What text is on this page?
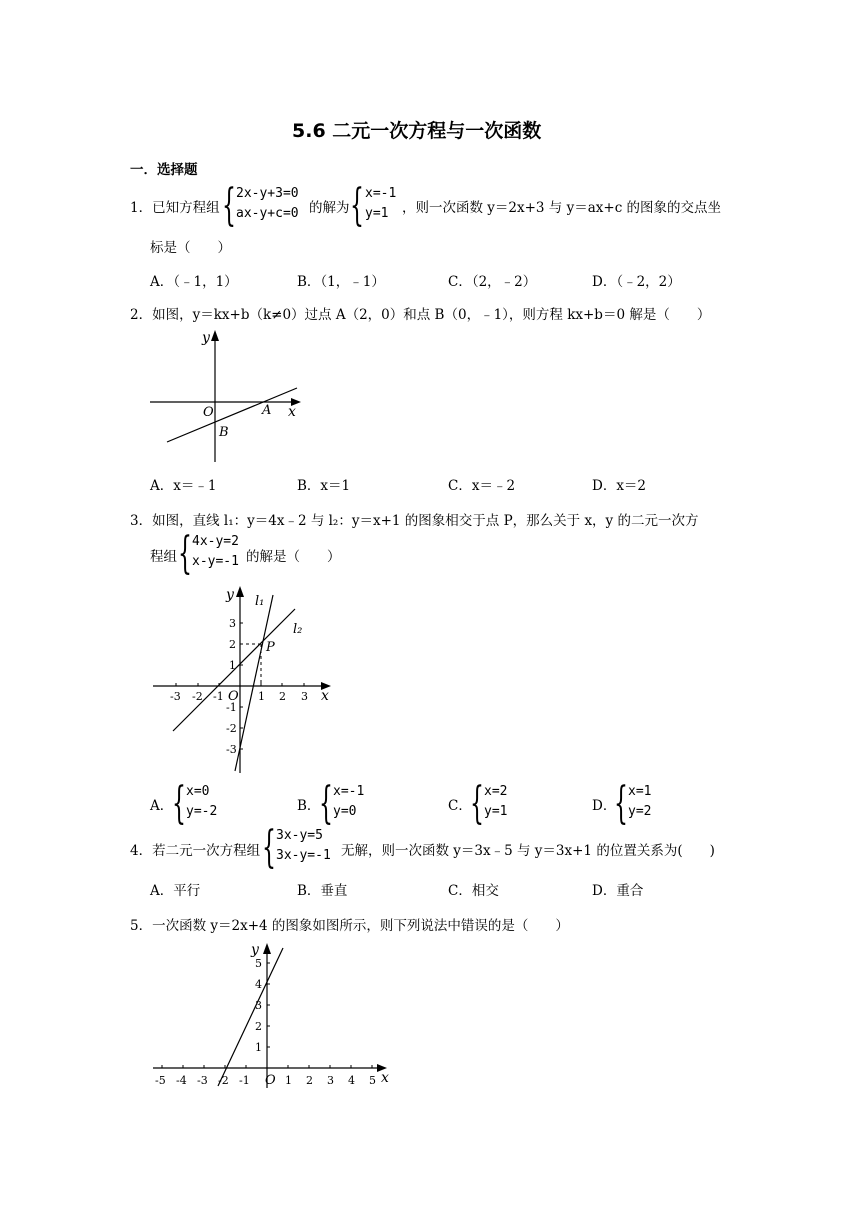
5.6 二元一次方程与一次函数
一．选择题
1．已知方程组 { 2x-y+3=0
ax-y+c=0 的解为 { x=-1
y=1	，则一次函数 y＝2x+3 与 y＝ax+c 的图象的交点坐
标是（　　）
A．（﹣1，1）	B．（1，﹣1）	C．（2，﹣2）	D．（﹣2，2）
2．如图，y＝kx+b（k≠0）过点 A（2，0）和点 B（0，﹣1），则方程 kx+b＝0 解是（　　）
y
x
O	A
B
A．x＝﹣1	B．x＝1	C．x＝﹣2	D．x＝2
3．如图，直线 l₁：y＝4x﹣2 与 l₂：y＝x+1 的图象相交于点 P，那么关于 x，y 的二元一次方
程组 { 4x-y=2
x-y=-1 的解是（　　）
y
x
O
P
l₁
l₂
-3 -2 -1	1 2 3
3
2
1
-1
-2
-3
A．
{ x=0
y=-2	B．
{ x=-1
y=0	C．
{ x=2
y=1	D．
{ x=1
y=2
4．若二元一次方程组 { 3x-y=5
3x-y=-1 无解，则一次函数 y＝3x﹣5 与 y＝3x+1 的位置关系为(　　)
A．平行	B．垂直	C．相交	D．重合
5．一次函数 y＝2x+4 的图象如图所示，则下列说法中错误的是（　　）
y
x
O
-5 -4 -3 -2 -1	1 2 3 4 5
5
4
3
2
1
